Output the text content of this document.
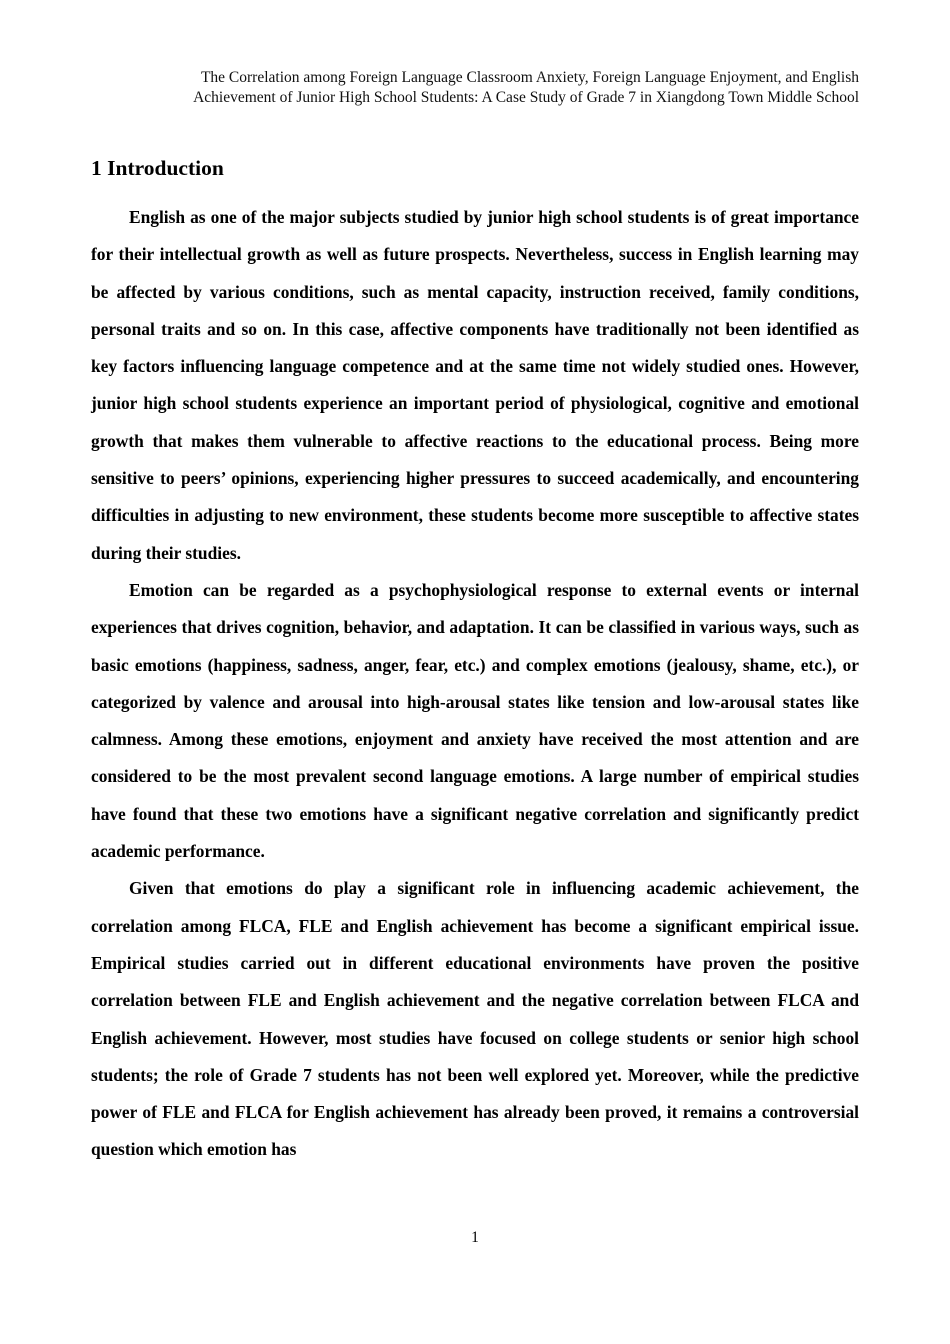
The Correlation among Foreign Language Classroom Anxiety, Foreign Language Enjoyment, and English
Achievement of Junior High School Students: A Case Study of Grade 7 in Xiangdong Town Middle School
1 Introduction

English as one of the major subjects studied by junior high school students is of great importance for their intellectual growth as well as future prospects. Nevertheless, success in English learning may be affected by various conditions, such as mental capacity, instruction received, family conditions, personal traits and so on. In this case, affective components have traditionally not been identified as key factors influencing language competence and at the same time not widely studied ones. However, junior high school students experience an important period of physiological, cognitive and emotional growth that makes them vulnerable to affective reactions to the educational process. Being more sensitive to peers’ opinions, experiencing higher pressures to succeed academically, and encountering difficulties in adjusting to new environment, these students become more susceptible to affective states during their studies.

Emotion can be regarded as a psychophysiological response to external events or internal experiences that drives cognition, behavior, and adaptation. It can be classified in various ways, such as basic emotions (happiness, sadness, anger, fear, etc.) and complex emotions (jealousy, shame, etc.), or categorized by valence and arousal into high-arousal states like tension and low-arousal states like calmness. Among these emotions, enjoyment and anxiety have received the most attention and are considered to be the most prevalent second language emotions. A large number of empirical studies have found that these two emotions have a significant negative correlation and significantly predict academic performance.

Given that emotions do play a significant role in influencing academic achievement, the correlation among FLCA, FLE and English achievement has become a significant empirical issue. Empirical studies carried out in different educational environments have proven the positive correlation between FLE and English achievement and the negative correlation between FLCA and English achievement. However, most studies have focused on college students or senior high school students; the role of Grade 7 students has not been well explored yet. Moreover, while the predictive power of FLE and FLCA for English achievement has already been proved, it remains a controversial question which emotion has

1
